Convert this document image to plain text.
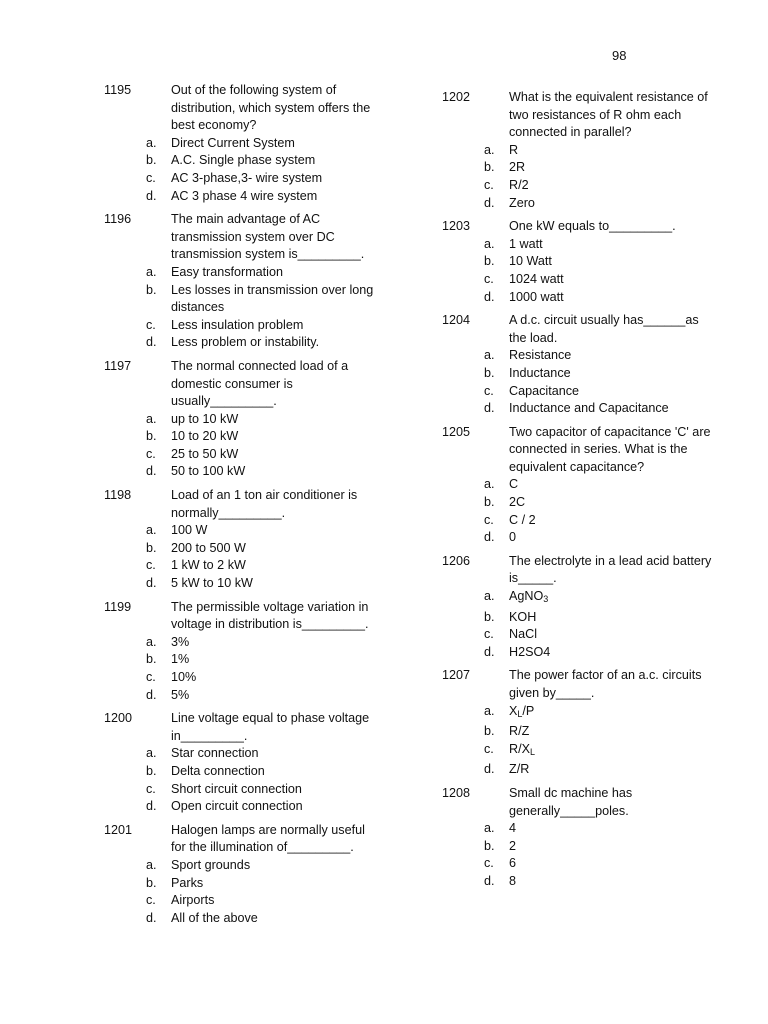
98
1195	Out of the following system of
distribution, which system offers the
best economy?
a. Direct Current System
b. A.C. Single phase system
c. AC 3-phase,3- wire system
d. AC 3 phase 4 wire system
1196	The main advantage of AC
transmission system over DC
transmission system is_________.
a. Easy transformation
b. Les losses in transmission over long
distances
c. Less insulation problem
d. Less problem or instability.
1197	The normal connected load of a
domestic consumer is
usually_________.
a. up to 10 kW
b. 10 to 20 kW
c. 25 to 50 kW
d. 50 to 100 kW
1198	Load of an 1 ton air conditioner is
normally_________.
a. 100 W
b. 200 to 500 W
c. 1 kW to 2 kW
d. 5 kW to 10 kW
1199	The permissible voltage variation in
voltage in distribution is_________.
a. 3%
b. 1%
c. 10%
d. 5%
1200	Line voltage equal to phase voltage
in_________.
a. Star connection
b. Delta connection
c. Short circuit connection
d. Open circuit connection
1201	Halogen lamps are normally useful
for the illumination of_________.
a. Sport grounds
b. Parks
c. Airports
d. All of the above
1202	What is the equivalent resistance of
two resistances of R ohm each
connected in parallel?
a. R
b. 2R
c. R/2
d. Zero
1203	One kW equals to_________.
a. 1 watt
b. 10 Watt
c. 1024 watt
d. 1000 watt
1204	A d.c. circuit usually has______as
the load.
a. Resistance
b. Inductance
c. Capacitance
d. Inductance and Capacitance
1205	Two capacitor of capacitance 'C' are
connected in series. What is the
equivalent capacitance?
a. C
b. 2C
c. C / 2
d. 0
1206	The electrolyte in a lead acid battery
is_____.
a. AgNO$_3$
b. KOH
c. NaCl
d. H2SO4
1207	The power factor of an a.c. circuits
given by_____.
a. $X_L/P$
b. R/Z
c. $R/X_L$
d. Z/R
1208	Small dc machine has
generally_____poles.
a. 4
b. 2
c. 6
d. 8
